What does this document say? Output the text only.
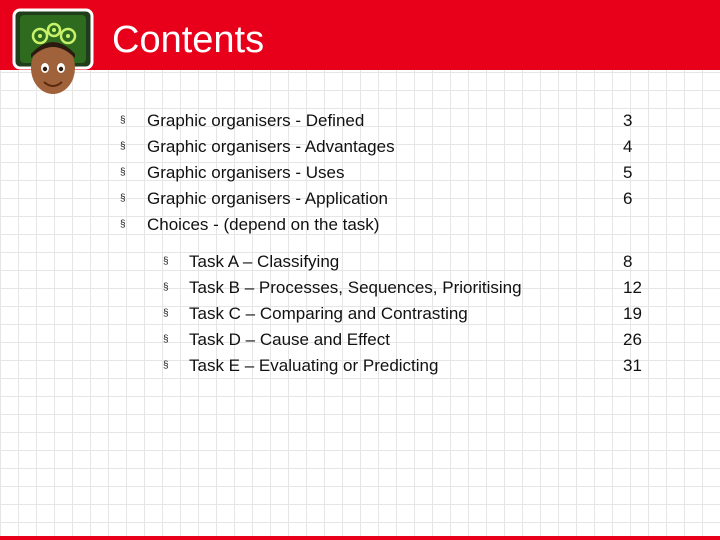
Contents
§ Graphic organisers - Defined	3
§ Graphic organisers - Advantages	4
§ Graphic organisers - Uses	5
§ Graphic organisers - Application	6
§ Choices - (depend on the task)
§ Task A – Classifying	8
§ Task B – Processes, Sequences, Prioritising	12
§ Task C – Comparing and Contrasting	19
§ Task D – Cause and Effect	26
§ Task E – Evaluating or Predicting	31
